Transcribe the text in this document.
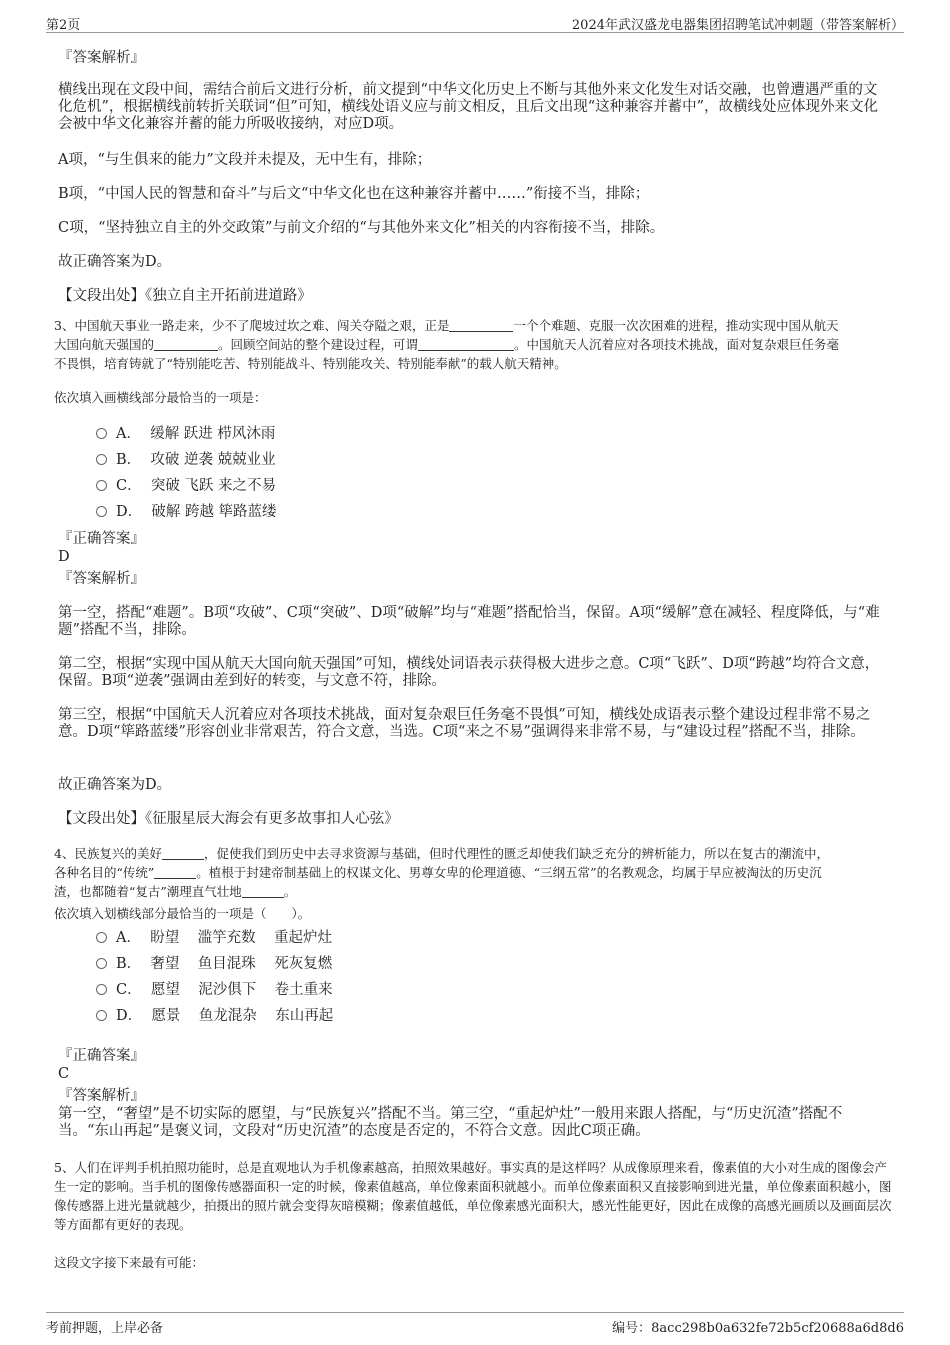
第2页	2024年武汉盛龙电器集团招聘笔试冲刺题（带答案解析）
『答案解析』
横线出现在文段中间，需结合前后文进行分析，前文提到“中华文化历史上不断与其他外来文化发生对话交融，也曾遭遇严重的文化危机”，根据横线前转折关联词“但”可知，横线处语义应与前文相反，且后文出现“这种兼容并蓄中”，故横线处应体现外来文化会被中华文化兼容并蓄的能力所吸收接纳，对应D项。
A项，“与生俱来的能力”文段并未提及，无中生有，排除；
B项，“中国人民的智慧和奋斗”与后文“中华文化也在这种兼容并蓄中……”衔接不当，排除；
C项，“坚持独立自主的外交政策”与前文介绍的“与其他外来文化”相关的内容衔接不当，排除。
故正确答案为D。
【文段出处】《独立自主开拓前进道路》
3、中国航天事业一路走来，少不了爬坡过坎之难、闯关夺隘之艰，正是	一个个难题、克服一次次困难的进程，推动实现中国从航天
大国向航天强国的	。回顾空间站的整个建设过程，可谓	。中国航天人沉着应对各项技术挑战，面对复杂艰巨任务毫
不畏惧，培育铸就了“特别能吃苦、特别能战斗、特别能攻关、特别能奉献”的载人航天精神。
依次填入画横线部分最恰当的一项是：
A．  缓解 跃进 栉风沐雨
B．  攻破 逆袭 兢兢业业
C．  突破 飞跃 来之不易
D．  破解 跨越 筚路蓝缕
『正确答案』
D
『答案解析』
第一空，搭配“难题”。B项“攻破”、C项“突破”、D项“破解”均与“难题”搭配恰当，保留。A项“缓解”意在减轻、程度降低，与“难题”搭配不当，排除。
第二空，根据“实现中国从航天大国向航天强国”可知，横线处词语表示获得极大进步之意。C项“飞跃”、D项“跨越”均符合文意，保留。B项“逆袭”强调由差到好的转变，与文意不符，排除。
第三空，根据“中国航天人沉着应对各项技术挑战，面对复杂艰巨任务毫不畏惧”可知，横线处成语表示整个建设过程非常不易之意。D项“筚路蓝缕”形容创业非常艰苦，符合文意，当选。C项“来之不易”强调得来非常不易，与“建设过程”搭配不当，排除。
故正确答案为D。
【文段出处】《征服星辰大海会有更多故事扣人心弦》
4、民族复兴的美好	，促使我们到历史中去寻求资源与基础，但时代理性的匮乏却使我们缺乏充分的辨析能力，所以在复古的潮流中，
各种名目的“传统”	。植根于封建帝制基础上的权谋文化、男尊女卑的伦理道德、“三纲五常”的名教观念，均属于早应被淘汰的历史沉
渣，也都随着“复古”潮理直气壮地	。
依次填入划横线部分最恰当的一项是（　　）。
A．  盼望    滥竽充数    重起炉灶
B．  奢望    鱼目混珠    死灰复燃
C．  愿望    泥沙俱下    卷土重来
D．  愿景    鱼龙混杂    东山再起
『正确答案』
C
『答案解析』
第一空，“奢望”是不切实际的愿望，与“民族复兴”搭配不当。第三空，“重起炉灶”一般用来跟人搭配，与“历史沉渣”搭配不当。“东山再起”是褒义词，文段对“历史沉渣”的态度是否定的，不符合文意。因此C项正确。
5、人们在评判手机拍照功能时，总是直观地认为手机像素越高，拍照效果越好。事实真的是这样吗？从成像原理来看，像素值的大小对生成的图像会产生一定的影响。当手机的图像传感器面积一定的时候，像素值越高，单位像素面积就越小。而单位像素面积又直接影响到进光量，单位像素面积越小，图像传感器上进光量就越少，拍摄出的照片就会变得灰暗模糊；像素值越低，单位像素感光面积大，感光性能更好，因此在成像的高感光画质以及画面层次等方面都有更好的表现。
这段文字接下来最有可能：
考前押题，上岸必备	编号：8acc298b0a632fe72b5cf20688a6d8d6
